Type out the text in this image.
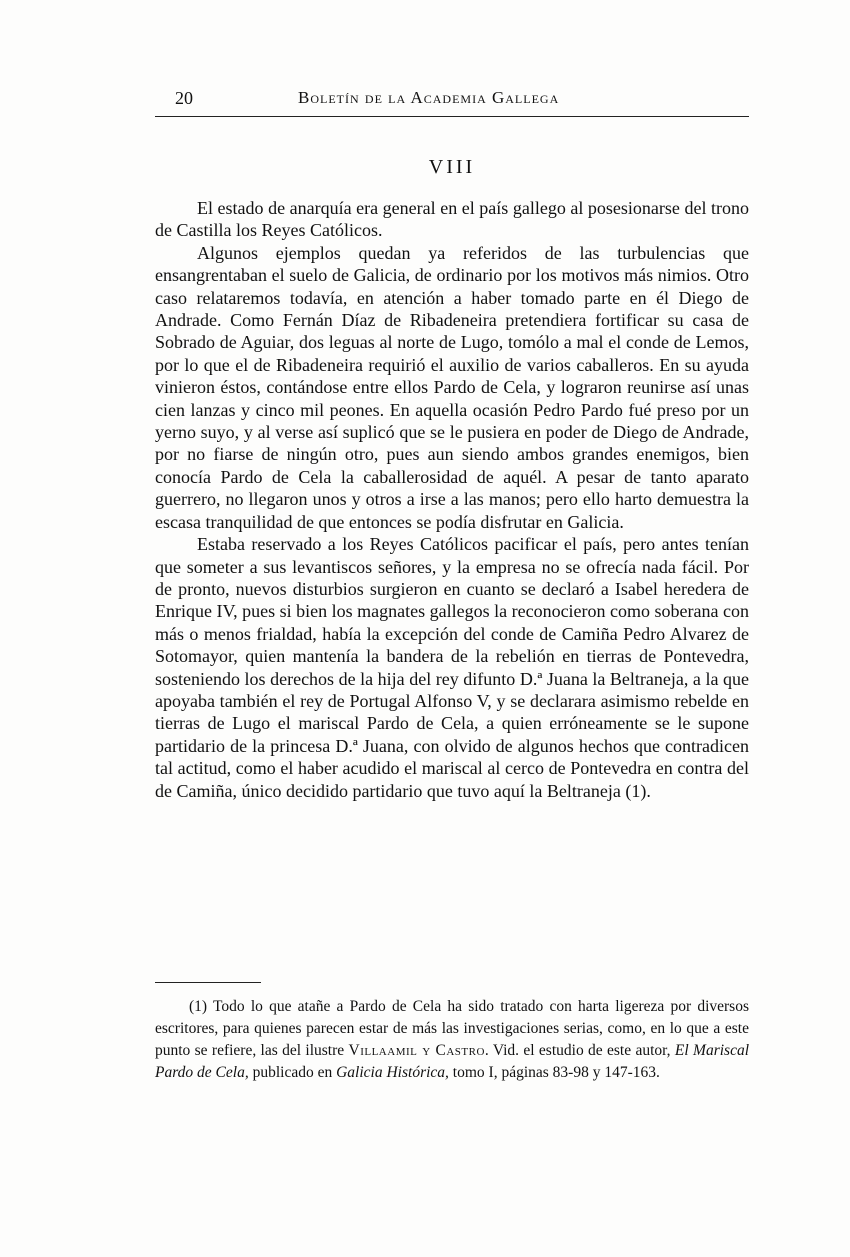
20	Boletín de la Academia Gallega
VIII

El estado de anarquía era general en el país gallego al posesionarse del trono de Castilla los Reyes Católicos.

Algunos ejemplos quedan ya referidos de las turbulencias que ensangrentaban el suelo de Galicia, de ordinario por los motivos más nimios. Otro caso relataremos todavía, en atención a haber tomado parte en él Diego de Andrade. Como Fernán Díaz de Ribadeneira pretendiera fortificar su casa de Sobrado de Aguiar, dos leguas al norte de Lugo, tomólo a mal el conde de Lemos, por lo que el de Ribadeneira requirió el auxilio de varios caballeros. En su ayuda vinieron éstos, contándose entre ellos Pardo de Cela, y lograron reunirse así unas cien lanzas y cinco mil peones. En aquella ocasión Pedro Pardo fué preso por un yerno suyo, y al verse así suplicó que se le pusiera en poder de Diego de Andrade, por no fiarse de ningún otro, pues aun siendo ambos grandes enemigos, bien conocía Pardo de Cela la caballerosidad de aquél. A pesar de tanto aparato guerrero, no llegaron unos y otros a irse a las manos; pero ello harto demuestra la escasa tranquilidad de que entonces se podía disfrutar en Galicia.

Estaba reservado a los Reyes Católicos pacificar el país, pero antes tenían que someter a sus levantiscos señores, y la empresa no se ofrecía nada fácil. Por de pronto, nuevos disturbios surgieron en cuanto se declaró a Isabel heredera de Enrique IV, pues si bien los magnates gallegos la reconocieron como soberana con más o menos frialdad, había la excepción del conde de Camiña Pedro Alvarez de Sotomayor, quien mantenía la bandera de la rebelión en tierras de Pontevedra, sosteniendo los derechos de la hija del rey difunto D.ª Juana la Beltraneja, a la que apoyaba también el rey de Portugal Alfonso V, y se declarara asimismo rebelde en tierras de Lugo el mariscal Pardo de Cela, a quien erróneamente se le supone partidario de la princesa D.ª Juana, con olvido de algunos hechos que contradicen tal actitud, como el haber acudido el mariscal al cerco de Pontevedra en contra del de Camiña, único decidido partidario que tuvo aquí la Beltraneja (1).

(1) Todo lo que atañe a Pardo de Cela ha sido tratado con harta ligereza por diversos escritores, para quienes parecen estar de más las investigaciones serias, como, en lo que a este punto se refiere, las del ilustre Villaamil y Castro. Vid. el estudio de este autor, El Mariscal Pardo de Cela, publicado en Galicia Histórica, tomo I, páginas 83-98 y 147-163.
